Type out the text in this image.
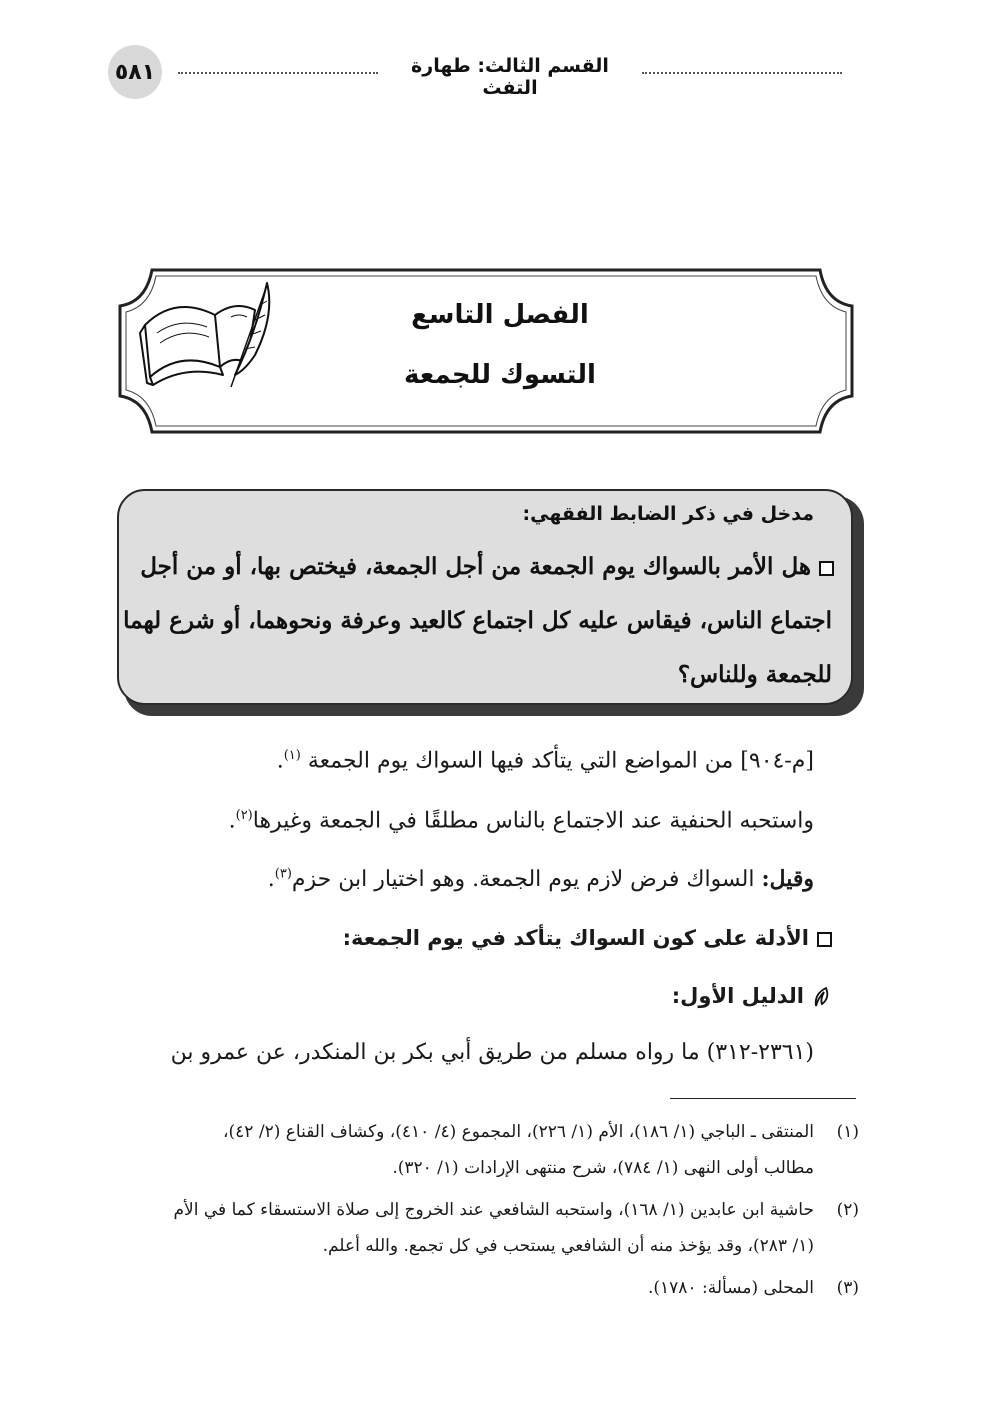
٥٨١	القسم الثالث: طهارة التفث
الفصل التاسع
التسوك للجمعة
مدخل في ذكر الضابط الفقهي:
هل الأمر بالسواك يوم الجمعة من أجل الجمعة، فيختص بها، أو من أجل
اجتماع الناس، فيقاس عليه كل اجتماع كالعيد وعرفة ونحوهما، أو شرع لهما
للجمعة وللناس؟
[م-٩٠٤] من المواضع التي يتأكد فيها السواك يوم الجمعة $^{(١)}$.
واستحبه الحنفية عند الاجتماع بالناس مطلقًا في الجمعة وغيرها$^{(٢)}$.
وقيل: السواك فرض لازم يوم الجمعة. وهو اختيار ابن حزم$^{(٣)}$.
الأدلة على كون السواك يتأكد في يوم الجمعة:
الدليل الأول:
(٢٣٦١-٣١٢) ما رواه مسلم من طريق أبي بكر بن المنكدر، عن عمرو بن
(١)
المنتقى ـ الباجي (١/ ١٨٦)، الأم (١/ ٢٢٦)، المجموع (٤/ ٤١٠)، وكشاف القناع (٢/ ٤٢)،
مطالب أولى النهى (١/ ٧٨٤)، شرح منتهى الإرادات (١/ ٣٢٠).
(٢)
حاشية ابن عابدين (١/ ١٦٨)، واستحبه الشافعي عند الخروج إلى صلاة الاستسقاء كما في الأم
(١/ ٢٨٣)، وقد يؤخذ منه أن الشافعي يستحب في كل تجمع. والله أعلم.
(٣)
المحلى (مسألة: ١٧٨٠).
